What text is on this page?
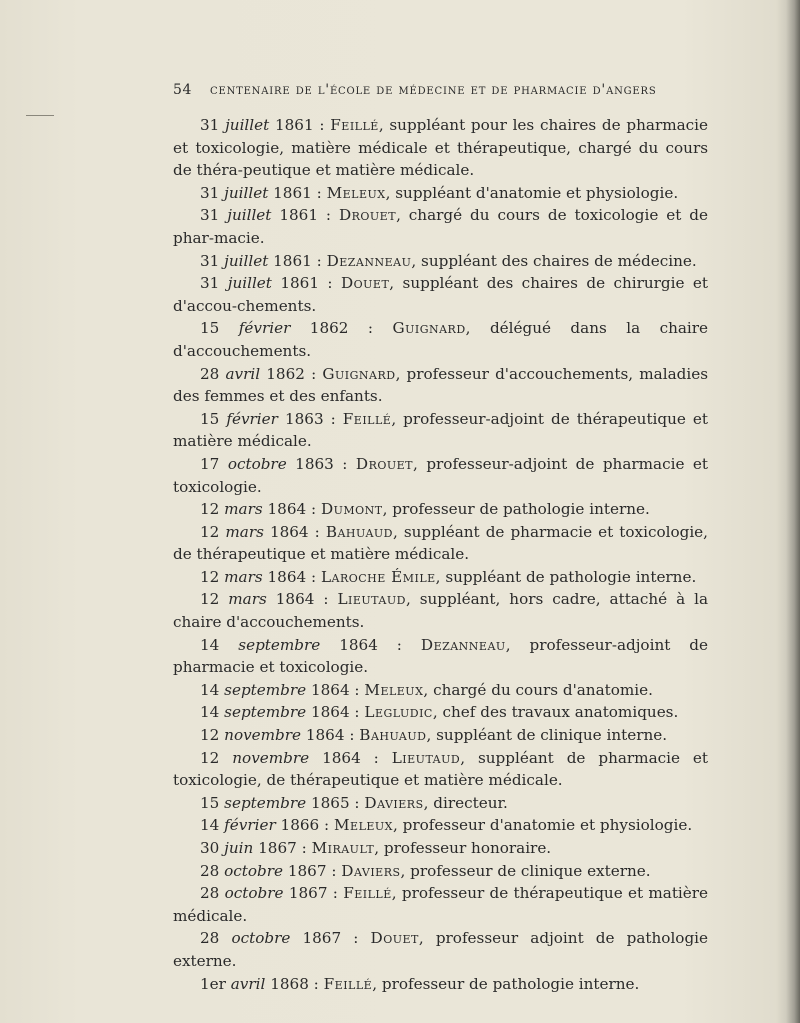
54 centenaire de l'école de médecine et de pharmacie d'angers

31 juillet 1861 : Feillé, suppléant pour les chaires de pharmacie et toxicologie, matière médicale et thérapeutique, chargé du cours de théra-peutique et matière médicale.

31 juillet 1861 : Meleux, suppléant d'anatomie et physiologie.

31 juillet 1861 : Drouet, chargé du cours de toxicologie et de phar-macie.

31 juillet 1861 : Dezanneau, suppléant des chaires de médecine.

31 juillet 1861 : Douet, suppléant des chaires de chirurgie et d'accou-chements.

15 février 1862 : Guignard, délégué dans la chaire d'accouchements.

28 avril 1862 : Guignard, professeur d'accouchements, maladies des femmes et des enfants.

15 février 1863 : Feillé, professeur-adjoint de thérapeutique et matière médicale.

17 octobre 1863 : Drouet, professeur-adjoint de pharmacie et toxicologie.

12 mars 1864 : Dumont, professeur de pathologie interne.

12 mars 1864 : Bahuaud, suppléant de pharmacie et toxicologie, de thérapeutique et matière médicale.

12 mars 1864 : Laroche Émile, suppléant de pathologie interne.

12 mars 1864 : Lieutaud, suppléant, hors cadre, attaché à la chaire d'accouchements.

14 septembre 1864 : Dezanneau, professeur-adjoint de pharmacie et toxicologie.

14 septembre 1864 : Meleux, chargé du cours d'anatomie.

14 septembre 1864 : Legludic, chef des travaux anatomiques.

12 novembre 1864 : Bahuaud, suppléant de clinique interne.

12 novembre 1864 : Lieutaud, suppléant de pharmacie et toxicologie, de thérapeutique et matière médicale.

15 septembre 1865 : Daviers, directeur.

14 février 1866 : Meleux, professeur d'anatomie et physiologie.

30 juin 1867 : Mirault, professeur honoraire.

28 octobre 1867 : Daviers, professeur de clinique externe.

28 octobre 1867 : Feillé, professeur de thérapeutique et matière médicale.

28 octobre 1867 : Douet, professeur adjoint de pathologie externe.

1er avril 1868 : Feillé, professeur de pathologie interne.
